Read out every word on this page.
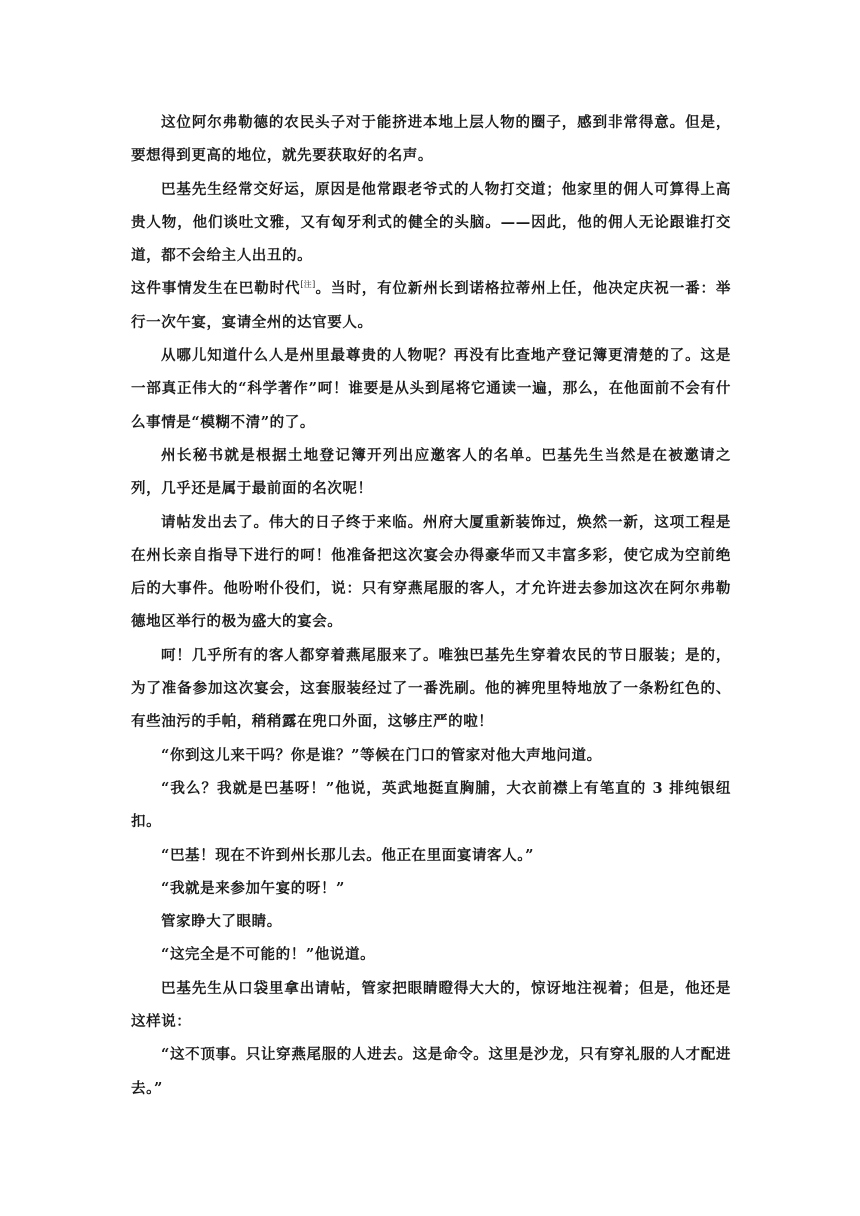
这位阿尔弗勒德的农民头子对于能挤进本地上层人物的圈子，感到非常得意。但是，要想得到更高的地位，就先要获取好的名声。

巴基先生经常交好运，原因是他常跟老爷式的人物打交道；他家里的佣人可算得上高贵人物，他们谈吐文雅，又有匈牙利式的健全的头脑。——因此，他的佣人无论跟谁打交道，都不会给主人出丑的。

这件事情发生在巴勒时代[注]。当时，有位新州长到诺格拉蒂州上任，他决定庆祝一番：举行一次午宴，宴请全州的达官要人。

从哪儿知道什么人是州里最尊贵的人物呢？再没有比查地产登记簿更清楚的了。这是一部真正伟大的“科学著作”呵！谁要是从头到尾将它通读一遍，那么，在他面前不会有什么事情是“模糊不清”的了。

州长秘书就是根据土地登记簿开列出应邀客人的名单。巴基先生当然是在被邀请之列，几乎还是属于最前面的名次呢！

请帖发出去了。伟大的日子终于来临。州府大厦重新装饰过，焕然一新，这项工程是在州长亲自指导下进行的呵！他准备把这次宴会办得豪华而又丰富多彩，使它成为空前绝后的大事件。他吩咐仆役们，说：只有穿燕尾服的客人，才允许进去参加这次在阿尔弗勒德地区举行的极为盛大的宴会。

呵！几乎所有的客人都穿着燕尾服来了。唯独巴基先生穿着农民的节日服装；是的，为了准备参加这次宴会，这套服装经过了一番洗刷。他的裤兜里特地放了一条粉红色的、有些油污的手帕，稍稍露在兜口外面，这够庄严的啦！

“你到这儿来干吗？你是谁？”等候在门口的管家对他大声地问道。

“我么？我就是巴基呀！”他说，英武地挺直胸脯，大衣前襟上有笔直的 3 排纯银纽扣。

“巴基！现在不许到州长那儿去。他正在里面宴请客人。”

“我就是来参加午宴的呀！”

管家睁大了眼睛。

“这完全是不可能的！”他说道。

巴基先生从口袋里拿出请帖，管家把眼睛瞪得大大的，惊讶地注视着；但是，他还是这样说：

“这不顶事。只让穿燕尾服的人进去。这是命令。这里是沙龙，只有穿礼服的人才配进去。”
